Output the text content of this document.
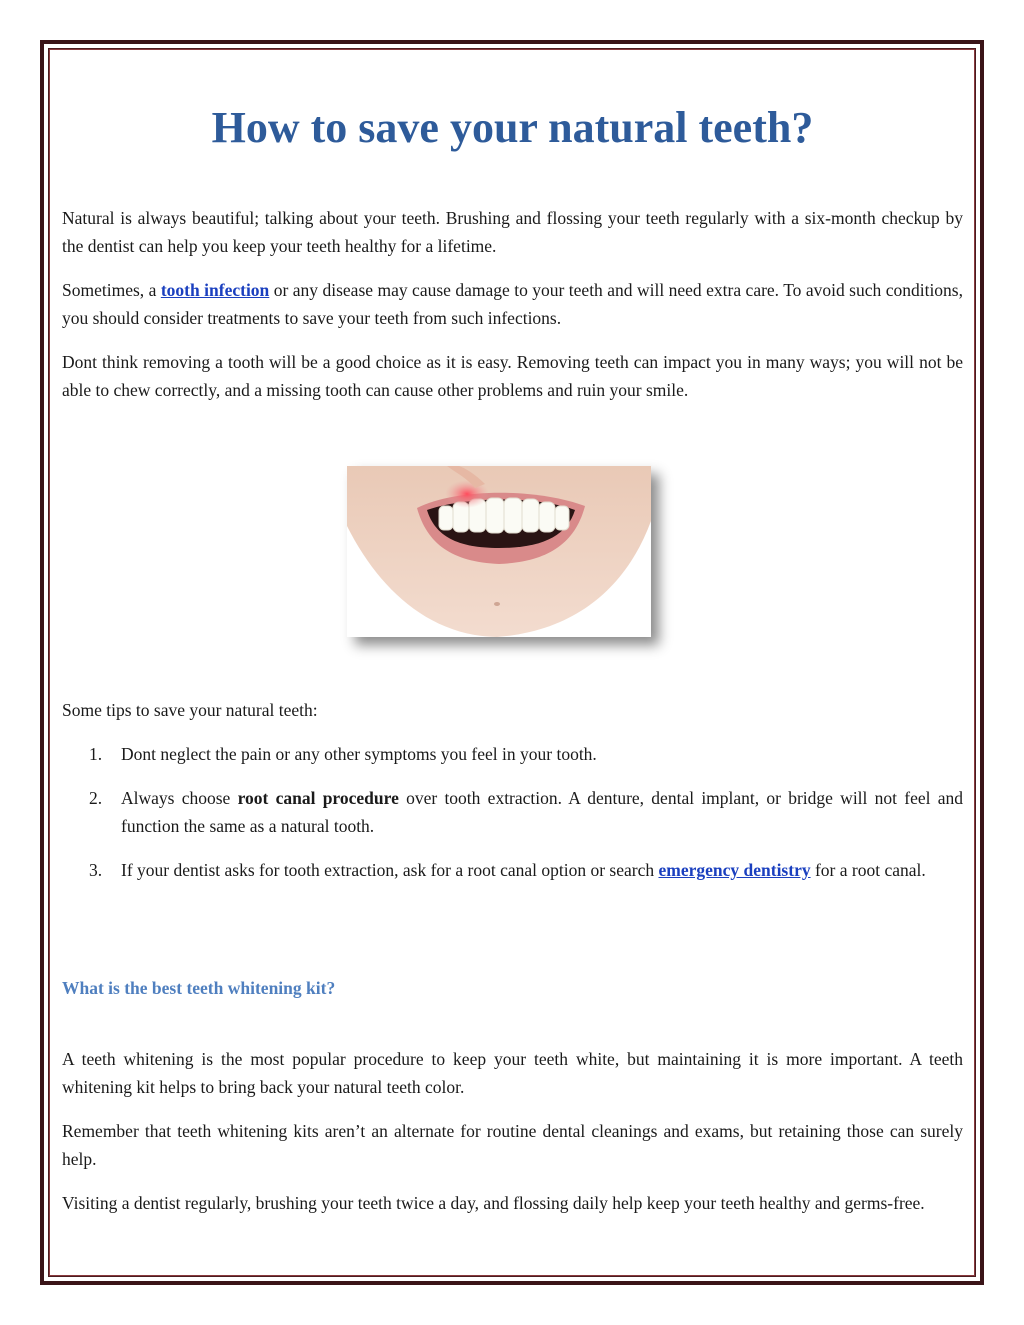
How to save your natural teeth?

Natural is always beautiful; talking about your teeth. Brushing and flossing your teeth regularly with a six-month checkup by the dentist can help you keep your teeth healthy for a lifetime.

Sometimes, a tooth infection or any disease may cause damage to your teeth and will need extra care. To avoid such conditions, you should consider treatments to save your teeth from such infections.

Dont think removing a tooth will be a good choice as it is easy. Removing teeth can impact you in many ways; you will not be able to chew correctly, and a missing tooth can cause other problems and ruin your smile.

Some tips to save your natural teeth:

1. Dont neglect the pain or any other symptoms you feel in your tooth.
2. Always choose root canal procedure over tooth extraction. A denture, dental implant, or bridge will not feel and function the same as a natural tooth.
3. If your dentist asks for tooth extraction, ask for a root canal option or search emergency dentistry for a root canal.
What is the best teeth whitening kit?

A teeth whitening is the most popular procedure to keep your teeth white, but maintaining it is more important. A teeth whitening kit helps to bring back your natural teeth color.

Remember that teeth whitening kits aren’t an alternate for routine dental cleanings and exams, but retaining those can surely help.

Visiting a dentist regularly, brushing your teeth twice a day, and flossing daily help keep your teeth healthy and germs-free.
